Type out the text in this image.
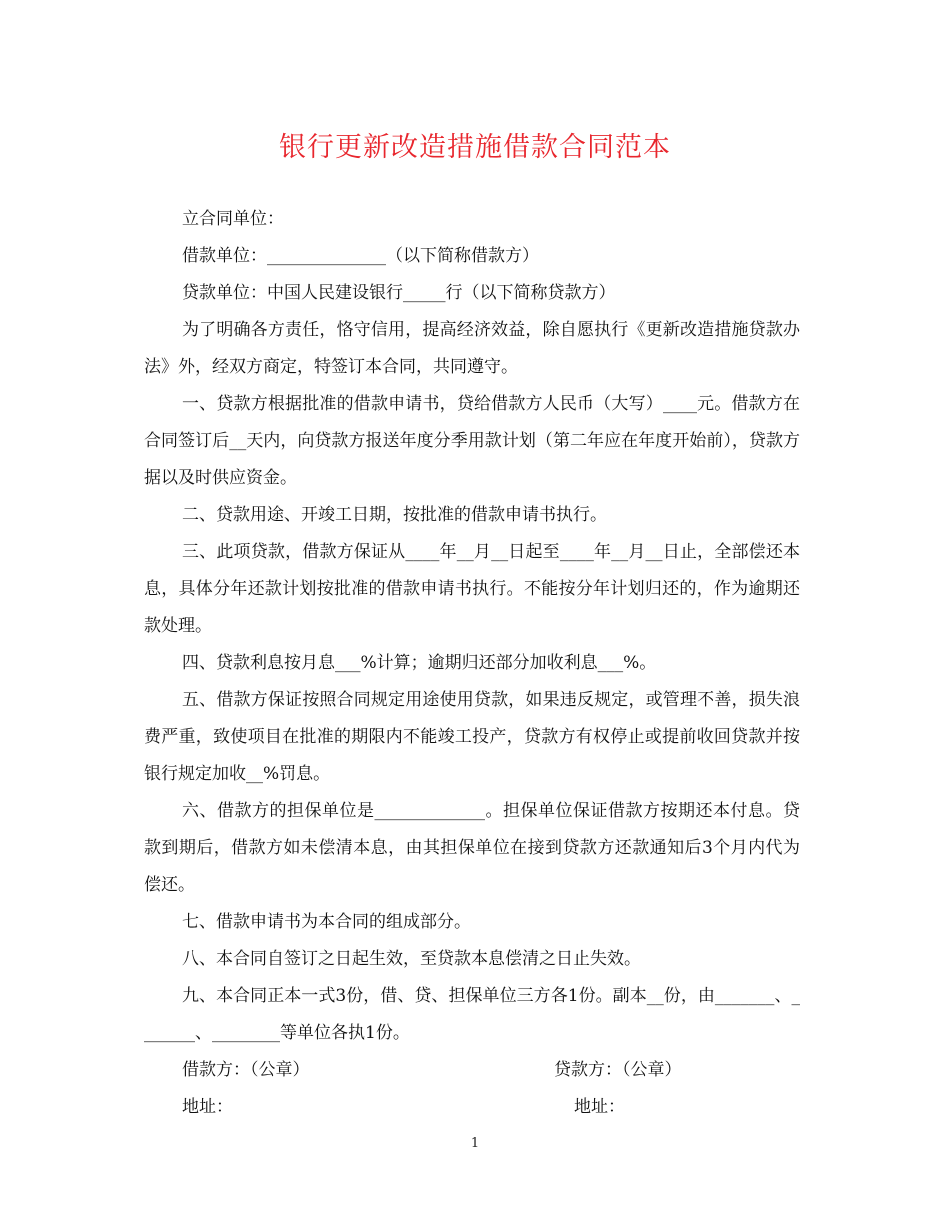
银行更新改造措施借款合同范本

立合同单位：

借款单位：______________（以下简称借款方）

贷款单位：中国人民建设银行_____行（以下简称贷款方）

为了明确各方责任，恪守信用，提高经济效益，除自愿执行《更新改造措施贷款办法》外，经双方商定，特签订本合同，共同遵守。

一、贷款方根据批准的借款申请书，贷给借款方人民币（大写）____元。借款方在合同签订后__天内，向贷款方报送年度分季用款计划（第二年应在年度开始前），贷款方据以及时供应资金。

二、贷款用途、开竣工日期，按批准的借款申请书执行。

三、此项贷款，借款方保证从____年__月__日起至____年__月__日止，全部偿还本息，具体分年还款计划按批准的借款申请书执行。不能按分年计划归还的，作为逾期还款处理。

四、贷款利息按月息___%计算；逾期归还部分加收利息___%。

五、借款方保证按照合同规定用途使用贷款，如果违反规定，或管理不善，损失浪费严重，致使项目在批准的期限内不能竣工投产，贷款方有权停止或提前收回贷款并按银行规定加收__%罚息。

六、借款方的担保单位是_____________。担保单位保证借款方按期还本付息。贷款到期后，借款方如未偿清本息，由其担保单位在接到贷款方还款通知后3个月内代为偿还。

七、借款申请书为本合同的组成部分。

八、本合同自签订之日起生效，至贷款本息偿清之日止失效。

九、本合同正本一式3份，借、贷、担保单位三方各1份。副本__份，由_______、_______、________等单位各执1份。

借款方：（公章）	贷款方：（公章）
地址：	地址：
1
